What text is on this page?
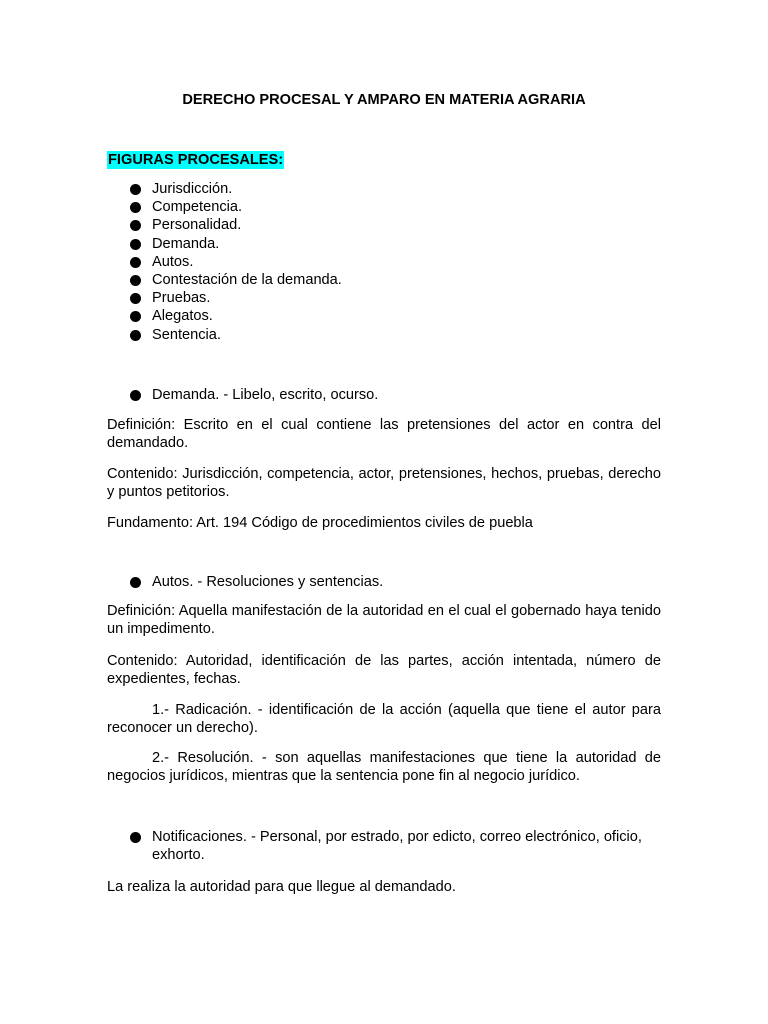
DERECHO PROCESAL Y AMPARO EN MATERIA AGRARIA
FIGURAS PROCESALES:
Jurisdicción.
Competencia.
Personalidad.
Demanda.
Autos.
Contestación de la demanda.
Pruebas.
Alegatos.
Sentencia.
Demanda. - Libelo, escrito, ocurso.
Definición: Escrito en el cual contiene las pretensiones del actor en contra del demandado.
Contenido: Jurisdicción, competencia, actor, pretensiones, hechos, pruebas, derecho y puntos petitorios.
Fundamento: Art. 194 Código de procedimientos civiles de puebla
Autos. - Resoluciones y sentencias.
Definición: Aquella manifestación de la autoridad en el cual el gobernado haya tenido un impedimento.
Contenido: Autoridad, identificación de las partes, acción intentada, número de expedientes, fechas.
1.- Radicación. - identificación de la acción (aquella que tiene el autor para reconocer un derecho).
2.- Resolución. - son aquellas manifestaciones que tiene la autoridad de negocios jurídicos, mientras que la sentencia pone fin al negocio jurídico.
Notificaciones. - Personal, por estrado, por edicto, correo electrónico, oficio, exhorto.
La realiza la autoridad para que llegue al demandado.
